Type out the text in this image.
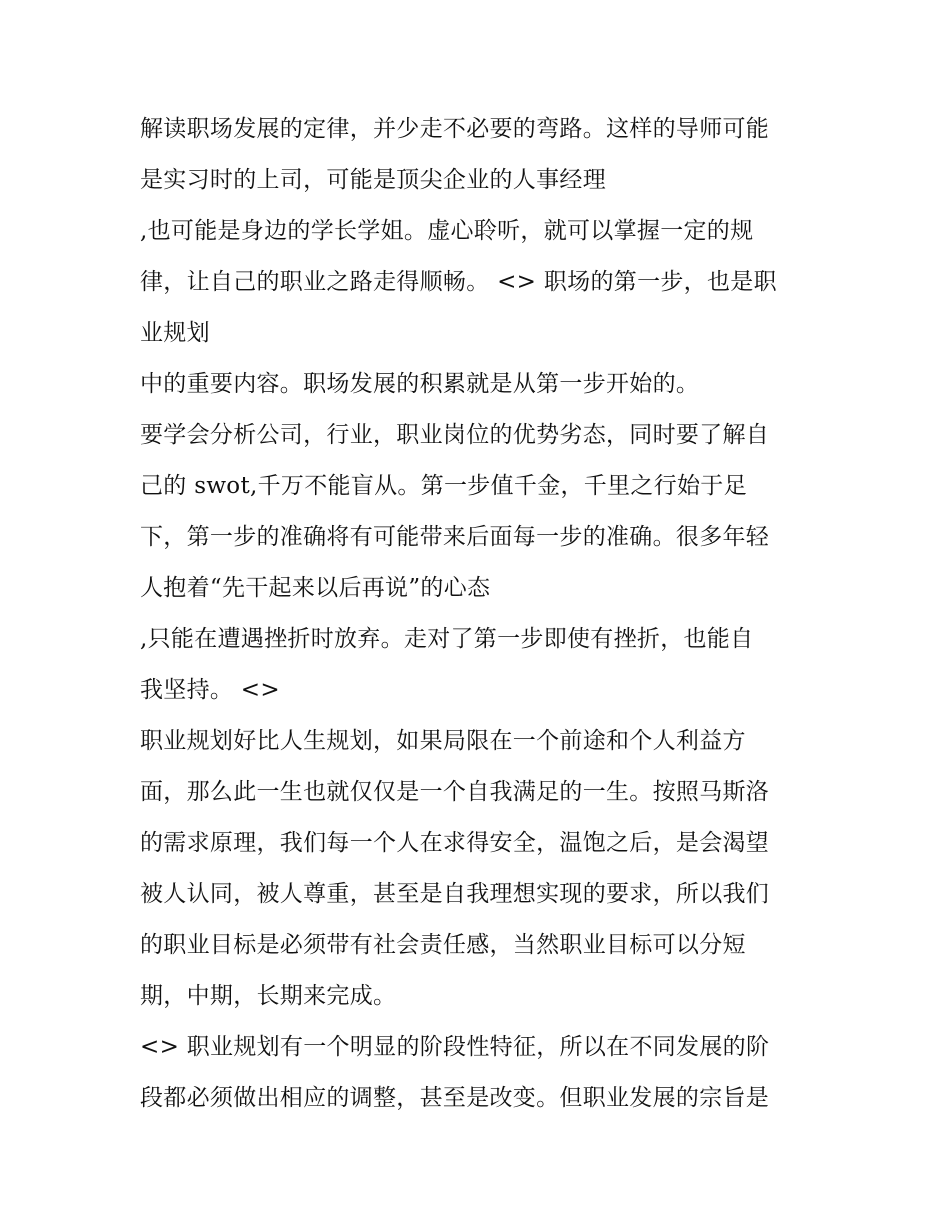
解读职场发展的定律，并少走不必要的弯路。这样的导师可能
是实习时的上司，可能是顶尖企业的人事经理
,也可能是身边的学长学姐。虚心聆听，就可以掌握一定的规
律，让自己的职业之路走得顺畅。 <> 职场的第一步，也是职
业规划
中的重要内容。职场发展的积累就是从第一步开始的。
要学会分析公司，行业，职业岗位的优势劣态，同时要了解自
己的 swot,千万不能盲从。第一步值千金，千里之行始于足
下，第一步的准确将有可能带来后面每一步的准确。很多年轻
人抱着“先干起来以后再说”的心态
,只能在遭遇挫折时放弃。走对了第一步即使有挫折，也能自
我坚持。 <>
职业规划好比人生规划，如果局限在一个前途和个人利益方
面，那么此一生也就仅仅是一个自我满足的一生。按照马斯洛
的需求原理，我们每一个人在求得安全，温饱之后，是会渴望
被人认同，被人尊重，甚至是自我理想实现的要求，所以我们
的职业目标是必须带有社会责任感，当然职业目标可以分短
期，中期，长期来完成。
<> 职业规划有一个明显的阶段性特征，所以在不同发展的阶
段都必须做出相应的调整，甚至是改变。但职业发展的宗旨是
